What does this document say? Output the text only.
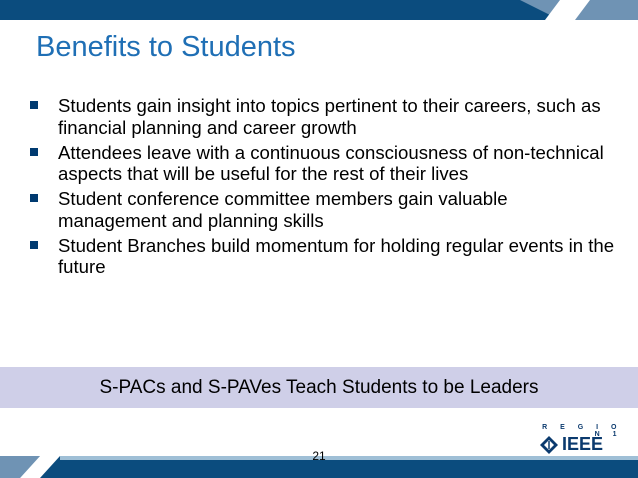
Benefits to Students
Students gain insight into topics pertinent to their careers, such as financial planning and career growth
Attendees leave with a continuous consciousness of non-technical aspects that will be useful for the rest of their lives
Student conference committee members gain valuable management and planning skills
Student Branches build momentum for holding regular events in the future
S-PACs and S-PAVes Teach Students to be Leaders
21
R E G I O N 1
IEEE
